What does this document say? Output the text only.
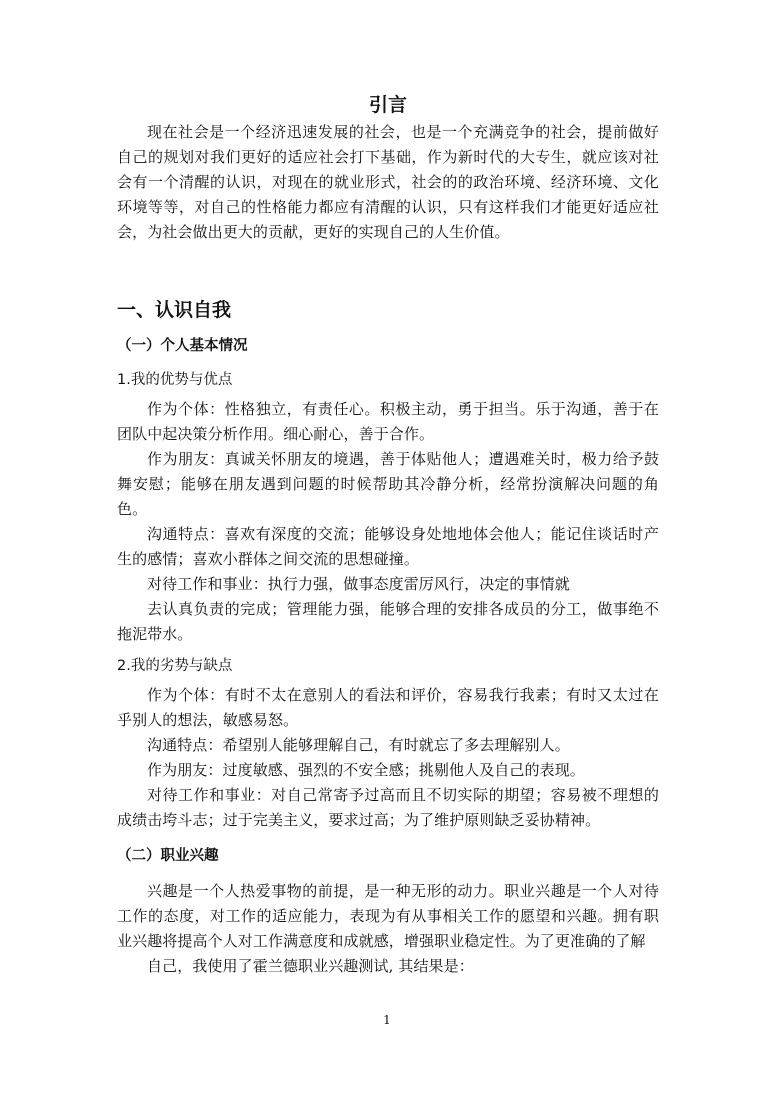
引言

现在社会是一个经济迅速发展的社会，也是一个充满竞争的社会，提前做好自己的规划对我们更好的适应社会打下基础，作为新时代的大专生，就应该对社会有一个清醒的认识，对现在的就业形式，社会的的政治环境、经济环境、文化环境等等，对自己的性格能力都应有清醒的认识，只有这样我们才能更好适应社会，为社会做出更大的贡献，更好的实现自己的人生价值。

一、认识自我
（一）个人基本情况
1.我的优势与优点

作为个体：性格独立，有责任心。积极主动，勇于担当。乐于沟通，善于在团队中起决策分析作用。细心耐心，善于合作。

作为朋友：真诚关怀朋友的境遇，善于体贴他人；遭遇难关时，极力给予鼓舞安慰；能够在朋友遇到问题的时候帮助其冷静分析，经常扮演解决问题的角色。

沟通特点：喜欢有深度的交流；能够设身处地地体会他人；能记住谈话时产生的感情；喜欢小群体之间交流的思想碰撞。

对待工作和事业：执行力强，做事态度雷厉风行，决定的事情就

去认真负责的完成；管理能力强，能够合理的安排各成员的分工，做事绝不拖泥带水。

2.我的劣势与缺点

作为个体：有时不太在意别人的看法和评价，容易我行我素；有时又太过在乎别人的想法，敏感易怒。

沟通特点：希望别人能够理解自己，有时就忘了多去理解别人。

作为朋友：过度敏感、强烈的不安全感；挑剔他人及自己的表现。

对待工作和事业：对自己常寄予过高而且不切实际的期望；容易被不理想的成绩击垮斗志；过于完美主义，要求过高；为了维护原则缺乏妥协精神。

（二）职业兴趣

兴趣是一个人热爱事物的前提，是一种无形的动力。职业兴趣是一个人对待工作的态度，对工作的适应能力，表现为有从事相关工作的愿望和兴趣。拥有职业兴趣将提高个人对工作满意度和成就感，增强职业稳定性。为了更准确的了解

自己，我使用了霍兰德职业兴趣测试, 其结果是：

1
